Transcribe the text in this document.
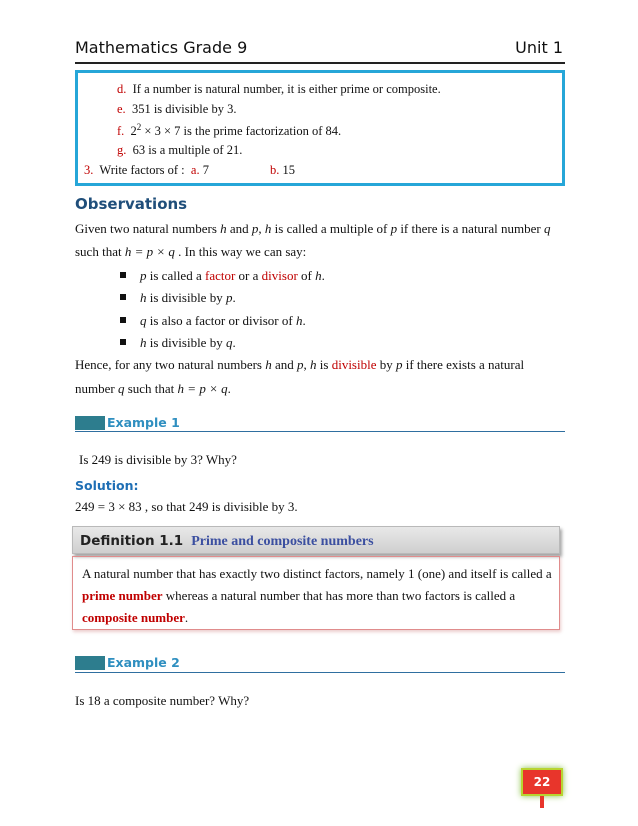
Mathematics Grade 9	Unit 1
d. If a number is natural number, it is either prime or composite.
e. 351 is divisible by 3.
f. $2^2 \times 3 \times 7$ is the prime factorization of 84.
g. 63 is a multiple of 21.
3. Write factors of : a. 7	b. 15
Observations
Given two natural numbers h and p, h is called a multiple of p if there is a natural number q
such that h = p × q . In this way we can say:
p is called a factor or a divisor of h.
h is divisible by p.
q is also a factor or divisor of h.
h is divisible by q.
Hence, for any two natural numbers h and p, h is divisible by p if there exists a natural
number q such that h = p × q.
Example 1
Is 249 is divisible by 3? Why?
Solution:
249 = 3 × 83 , so that 249 is divisible by 3.
Definition 1.1 Prime and composite numbers
A natural number that has exactly two distinct factors, namely 1 (one) and itself is called a
prime number whereas a natural number that has more than two factors is called a
composite number.
Example 2
Is 18 a composite number? Why?
22
